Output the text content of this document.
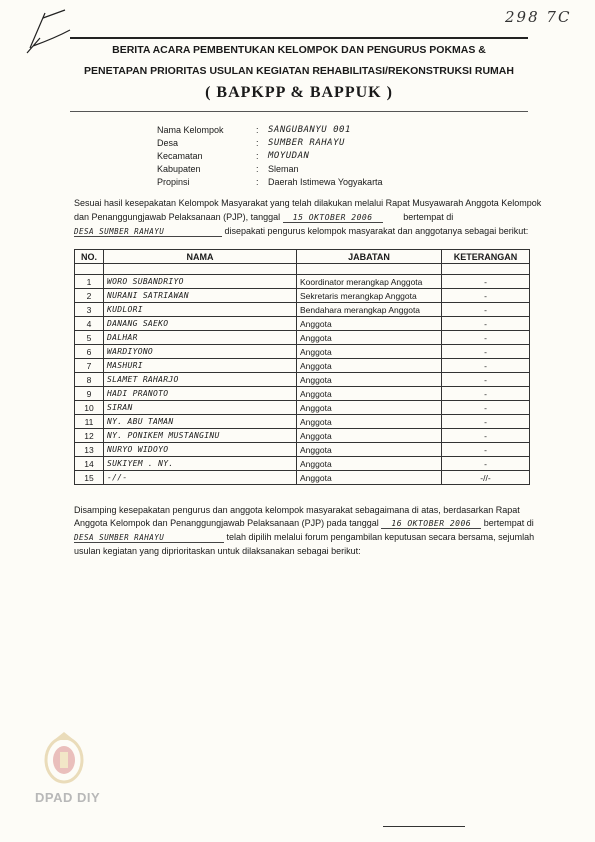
298 7C
BERITA ACARA PEMBENTUKAN KELOMPOK DAN PENGURUS POKMAS &
PENETAPAN PRIORITAS USULAN KEGIATAN REHABILITASI/REKONSTRUKSI RUMAH
( BAPKPP & BAPPUK )
Nama Kelompok	: SANGUBANYU 001
Desa	: SUMBER RAHAYU
Kecamatan	: MOYUDAN
Kabupaten	: Sleman
Propinsi	: Daerah Istimewa Yogyakarta
Sesuai hasil kesepakatan Kelompok Masyarakat yang telah dilakukan melalui Rapat Musyawarah Anggota Kelompok
dan Penanggungjawab Pelaksanaan (PJP), tanggal 15 OKTOBER 2006	bertempat di
DESA SUMBER RAHAYU	disepakati pengurus kelompok masyarakat dan anggotanya sebagai berikut:
NO.	NAMA	JABATAN	KETERANGAN

1	WORO SUBANDRIYO	Koordinator merangkap Anggota	-
2	NURANI SATRIAWAN	Sekretaris merangkap Anggota	-
3	KUDLORI	Bendahara merangkap Anggota	-
4	DANANG SAEKO	Anggota	-
5	DALHAR	Anggota	-
6	WARDIYONO	Anggota	-
7	MASHURI	Anggota	-
8	SLAMET RAHARJO	Anggota	-
9	HADI PRANOTO	Anggota	-
10	SIRAN	Anggota	-
11	NY. ABU TAMAN	Anggota	-
12	NY. PONIKEM MUSTANGINU	Anggota	-
13	NURYO WIDOYO	Anggota	-
14	SUKIYEM . NY.	Anggota	-
15	-//-	Anggota	-//-
Disamping kesepakatan pengurus dan anggota kelompok masyarakat sebagaimana di atas, berdasarkan Rapat
Anggota Kelompok dan Penanggungjawab Pelaksanaan (PJP) pada tanggal 16 OKTOBER 2006 bertempat di
DESA SUMBER RAHAYU	telah dipilih melalui forum pengambilan keputusan secara bersama, sejumlah
usulan kegiatan yang diprioritaskan untuk dilaksanakan sebagai berikut:
DPAD DIY
